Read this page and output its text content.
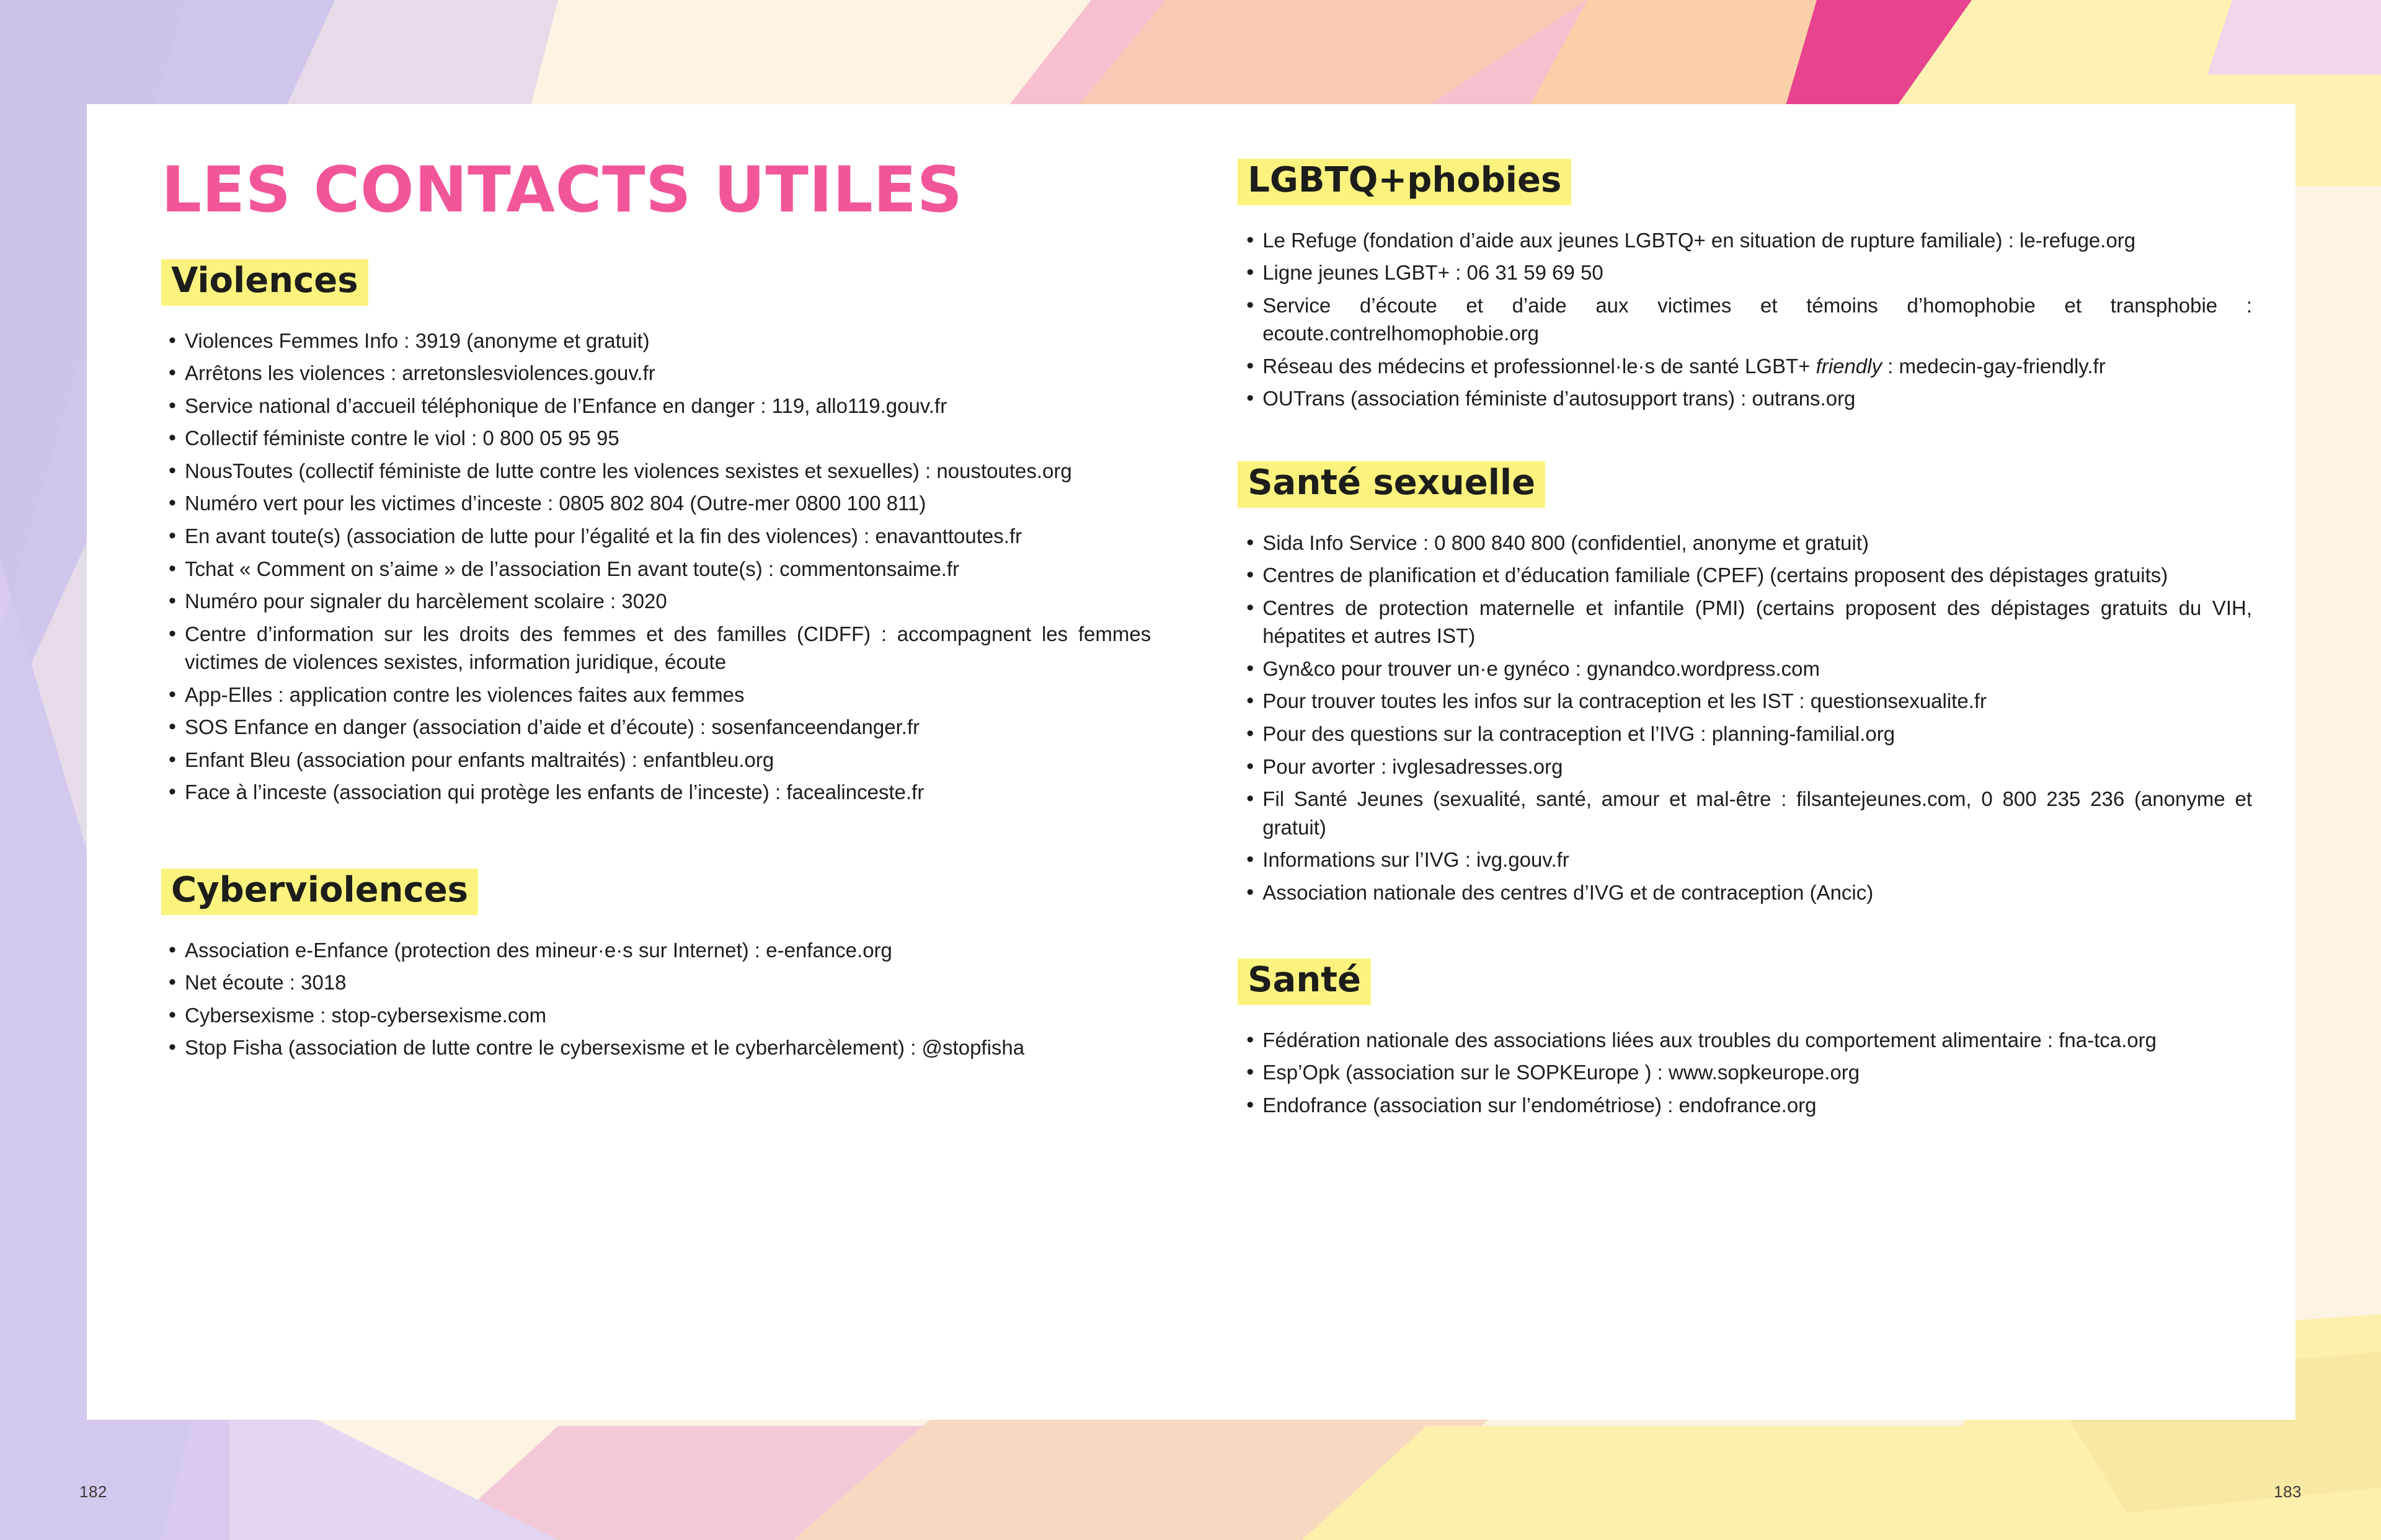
LES CONTACTS UTILES
Violences
• Violences Femmes Info : 3919 (anonyme et gratuit)
• Arrêtons les violences : arretonslesviolences.gouv.fr
• Service national d’accueil téléphonique de l’Enfance en danger : 119, allo119.gouv.fr
• Collectif féministe contre le viol : 0 800 05 95 95
• NousToutes (collectif féministe de lutte contre les violences sexistes et sexuelles) : noustoutes.org
• Numéro vert pour les victimes d’inceste : 0805 802 804 (Outre-mer 0800 100 811)
• En avant toute(s) (association de lutte pour l’égalité et la fin des violences) : enavanttoutes.fr
• Tchat « Comment on s’aime » de l’association En avant toute(s) : commentonsaime.fr
• Numéro pour signaler du harcèlement scolaire : 3020
• Centre d’information sur les droits des femmes et des familles (CIDFF) : accompagnent les femmes victimes de violences sexistes, information juridique, écoute
• App-Elles : application contre les violences faites aux femmes
• SOS Enfance en danger (association d’aide et d’écoute) : sosenfanceendanger.fr
• Enfant Bleu (association pour enfants maltraités) : enfantbleu.org
• Face à l’inceste (association qui protège les enfants de l’inceste) : facealinceste.fr
Cyberviolences
• Association e-Enfance (protection des mineur·e·s sur Internet) : e-enfance.org
• Net écoute : 3018
• Cybersexisme : stop-cybersexisme.com
• Stop Fisha (association de lutte contre le cybersexisme et le cyberharcèlement) : @stopfisha
LGBTQ+phobies
• Le Refuge (fondation d’aide aux jeunes LGBTQ+ en situation de rupture familiale) : le-refuge.org
• Ligne jeunes LGBT+ : 06 31 59 69 50
• Service d’écoute et d’aide aux victimes et témoins d’homophobie et transphobie : ecoute.contrelhomophobie.org
• Réseau des médecins et professionnel·le·s de santé LGBT+ friendly : medecin-gay-friendly.fr
• OUTrans (association féministe d’autosupport trans) : outrans.org
Santé sexuelle
• Sida Info Service : 0 800 840 800 (confidentiel, anonyme et gratuit)
• Centres de planification et d’éducation familiale (CPEF) (certains proposent des dépistages gratuits)
• Centres de protection maternelle et infantile (PMI) (certains proposent des dépistages gratuits du VIH, hépatites et autres IST)
• Gyn&co pour trouver un·e gynéco : gynandco.wordpress.com
• Pour trouver toutes les infos sur la contraception et les IST : questionsexualite.fr
• Pour des questions sur la contraception et l’IVG : planning-familial.org
• Pour avorter : ivglesadresses.org
• Fil Santé Jeunes (sexualité, santé, amour et mal-être : filsantejeunes.com, 0 800 235 236 (anonyme et gratuit)
• Informations sur l’IVG : ivg.gouv.fr
• Association nationale des centres d’IVG et de contraception (Ancic)
Santé
• Fédération nationale des associations liées aux troubles du comportement alimentaire : fna-tca.org
• Esp’Opk (association sur le SOPKEurope ) : www.sopkeurope.org
• Endofrance (association sur l’endométriose) : endofrance.org
182	183
